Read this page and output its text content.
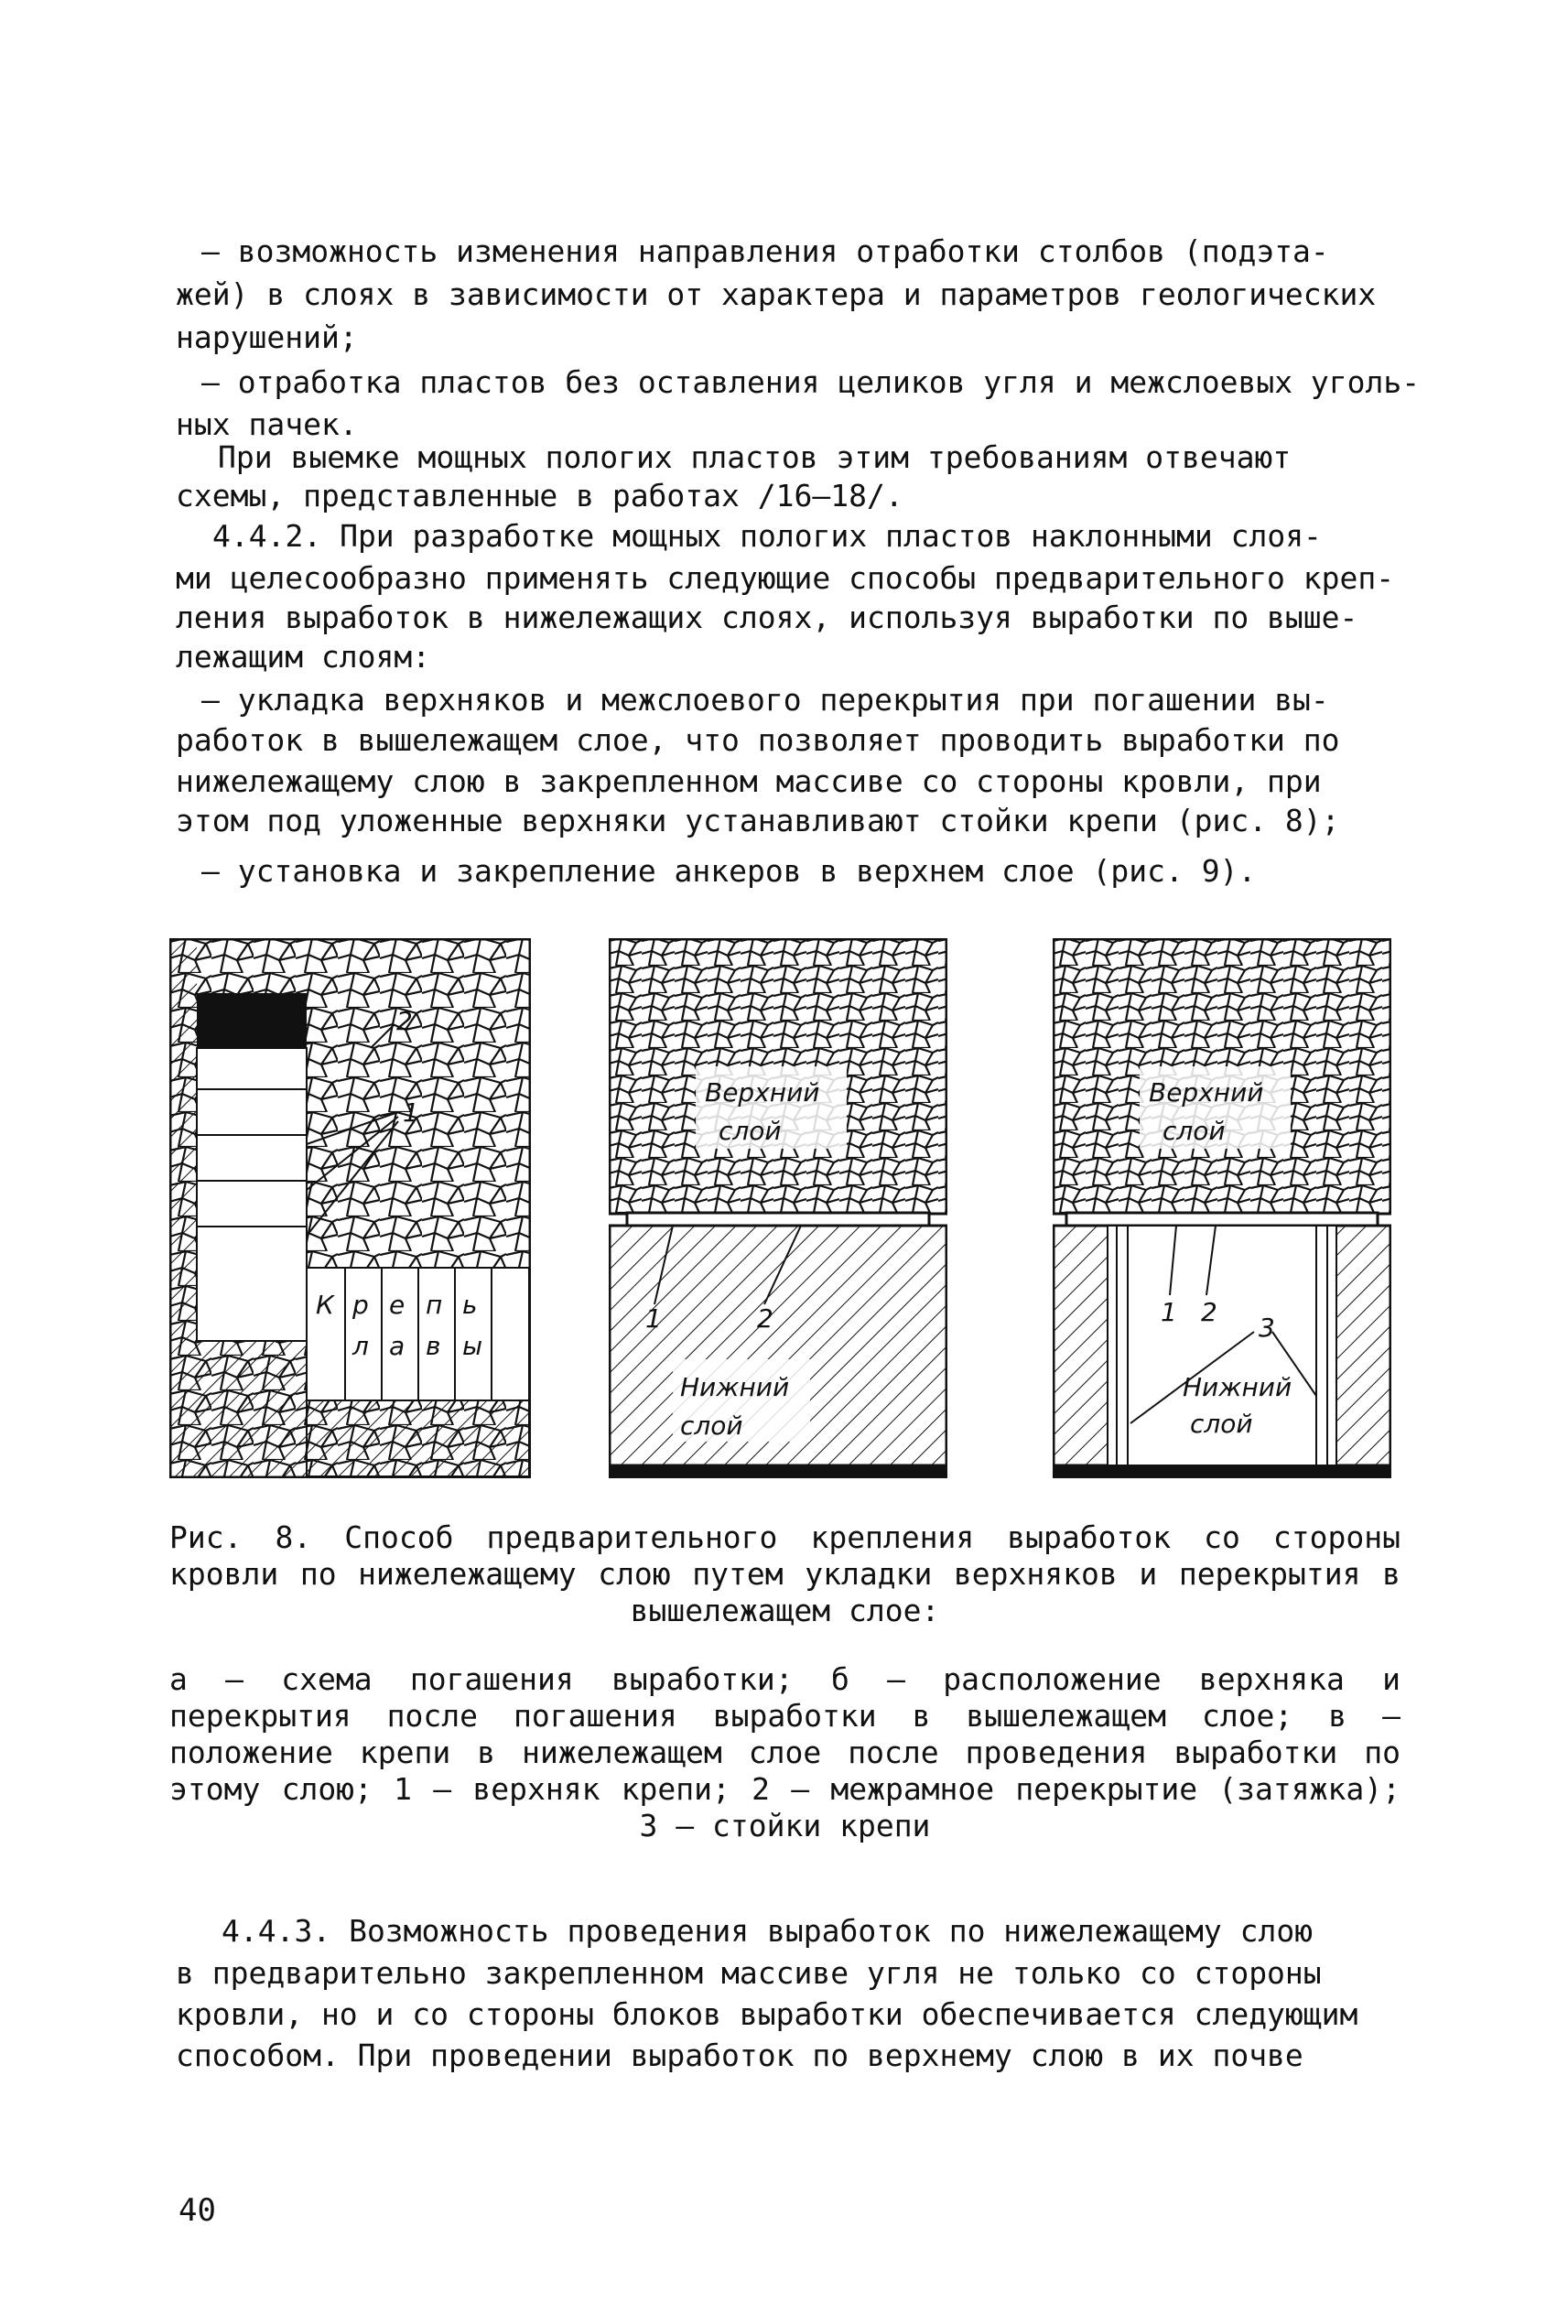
– возможность изменения направления отработки столбов (подэта-
жей) в слоях в зависимости от характера и параметров геологических
нарушений;
– отработка пластов без оставления целиков угля и межслоевых уголь-
ных пачек.
При выемке мощных пологих пластов этим требованиям отвечают
схемы, представленные в работах /16–18/.
4.4.2. При разработке мощных пологих пластов наклонными слоя-
ми целесообразно применять следующие способы предварительного креп-
ления выработок в нижележащих слоях, используя выработки по выше-
лежащим слоям:
– укладка верхняков и межслоевого перекрытия при погашении вы-
работок в вышележащем слое, что позволяет проводить выработки по
нижележащему слою в закрепленном массиве со стороны кровли, при
этом под уложенные верхняки устанавливают стойки крепи (рис. 8);
– установка и закрепление анкеров в верхнем слое (рис. 9).
2
1
К р е п ь
л а в ы
Верхний
слой
Нижний
слой
1	2
Верхний
слой
Нижний
слой
1 2
3
Рис. 8. Способ предварительного крепления выработок со стороны кровли по нижележащему слою путем укладки верхняков и перекрытия в вышележащем слое:
а – схема погашения выработки; б – расположение верхняка и перекрытия после погашения выработки в вышележащем слое; в – положение крепи в нижележащем слое после проведения выработки по этому слою; 1 – верхняк крепи; 2 – межрамное перекрытие (затяжка); 3 – стойки крепи
4.4.3. Возможность проведения выработок по нижележащему слою
в предварительно закрепленном массиве угля не только со стороны
кровли, но и со стороны блоков выработки обеспечивается следующим
способом. При проведении выработок по верхнему слою в их почве
40
